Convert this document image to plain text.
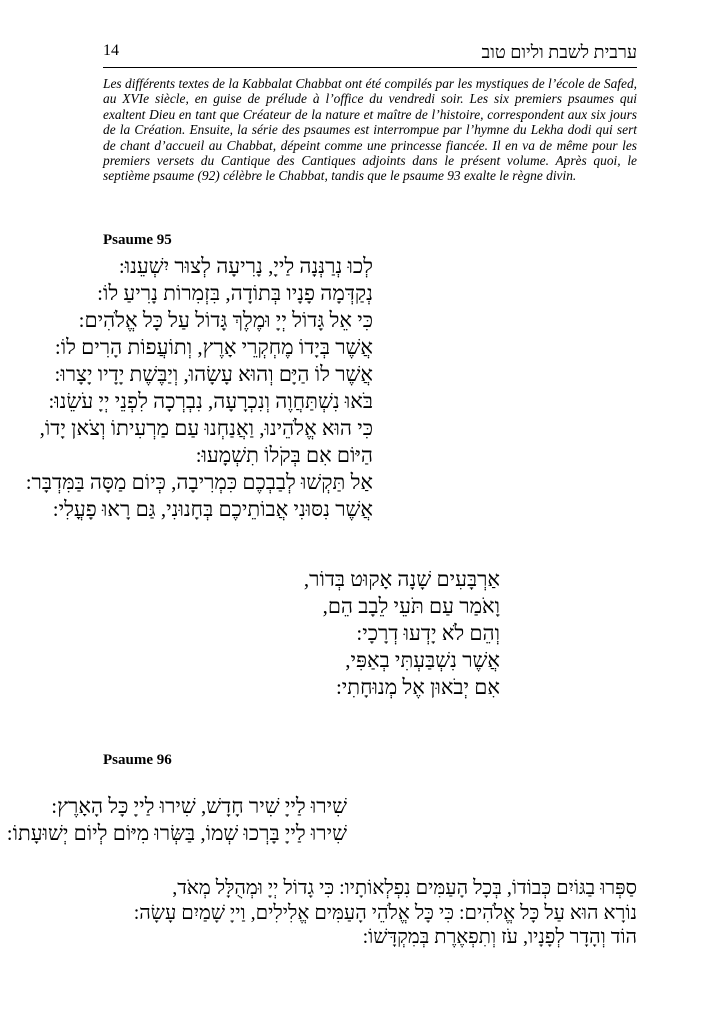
14	ערבית לשבת וליום טוב

Les différents textes de la Kabbalat Chabbat ont été compilés par les mystiques de l’école de Safed, au XVIe siècle, en guise de prélude à l’office du vendredi soir. Les six premiers psaumes qui exaltent Dieu en tant que Créateur de la nature et maître de l’histoire, correspondent aux six jours de la Création. Ensuite, la série des psaumes est interrompue par l’hymne du Lekha dodi qui sert de chant d’accueil au Chabbat, dépeint comme une princesse fiancée. Il en va de même pour les premiers versets du Cantique des Cantiques adjoints dans le présent volume. Après quoi, le septième psaume (92) célèbre le Chabbat, tandis que le psaume 93 exalte le règne divin.

Psaume 95

לְכוּ נְרַנְּנָה לַייָ, נָרִיעָה לְצוּר יִשְׁעֵנוּ:
נְקַדְּמָה פָנָיו בְּתוֹדָה, בִּזְמִרוֹת נָרִיעַ לוֹ:
כִּי אֵל גָּדוֹל יְיָ וּמֶלֶךְ גָּדוֹל עַל כָּל אֱלֹהִים:
אֲשֶׁר בְּיָדוֹ מֶחְקְרֵי אָרֶץ, וְתוֹעֲפוֹת הָרִים לוֹ:
אֲשֶׁר לוֹ הַיָּם וְהוּא עָשָׂהוּ, וְיַבֶּשֶׁת יָדָיו יָצָרוּ:
בֹּאוּ נִשְׁתַּחֲוֶה וְנִכְרָעָה, נִבְרְכָה לִפְנֵי יְיָ עֹשֵׂנוּ:
כִּי הוּא אֱלֹהֵינוּ, וַאֲנַחְנוּ עַם מַרְעִיתוֹ וְצֹאן יָדוֹ,
הַיּוֹם אִם בְּקֹלוֹ תִשְׁמָעוּ:
אַל תַּקְשׁוּ לְבַבְכֶם כִּמְרִיבָה, כְּיוֹם מַסָּה בַּמִּדְבָּר:
אֲשֶׁר נִסּוּנִי אֲבוֹתֵיכֶם בְּחָנוּנִי, גַּם רָאוּ פָעֳלִי:
אַרְבָּעִים שָׁנָה אָקוּט בְּדוֹר,
וָאֹמַר עַם תֹּעֵי לֵבָב הֵם,
וְהֵם לֹא יָדְעוּ דְרָכָי:
אֲשֶׁר נִשְׁבַּעְתִּי בְאַפִּי,
אִם יְבֹאוּן אֶל מְנוּחָתִי:

Psaume 96

שִׁירוּ לַייָ שִׁיר חָדָשׁ, שִׁירוּ לַייָ כָּל הָאָרֶץ:
שִׁירוּ לַייָ בָּרְכוּ שְׁמוֹ, בַּשְּׂרוּ מִיּוֹם לְיוֹם יְשׁוּעָתוֹ:
סַפְּרוּ בַגּוֹיִם כְּבוֹדוֹ, בְּכָל הָעַמִּים נִפְלְאוֹתָיו: כִּי גָדוֹל יְיָ וּמְהֻלָּל מְאֹד,
נוֹרָא הוּא עַל כָּל אֱלֹהִים: כִּי כָּל אֱלֹהֵי הָעַמִּים אֱלִילִים, וַייָ שָׁמַיִם עָשָׂה:
הוֹד וְהָדָר לְפָנָיו, עֹז וְתִפְאֶרֶת בְּמִקְדָּשׁוֹ:
